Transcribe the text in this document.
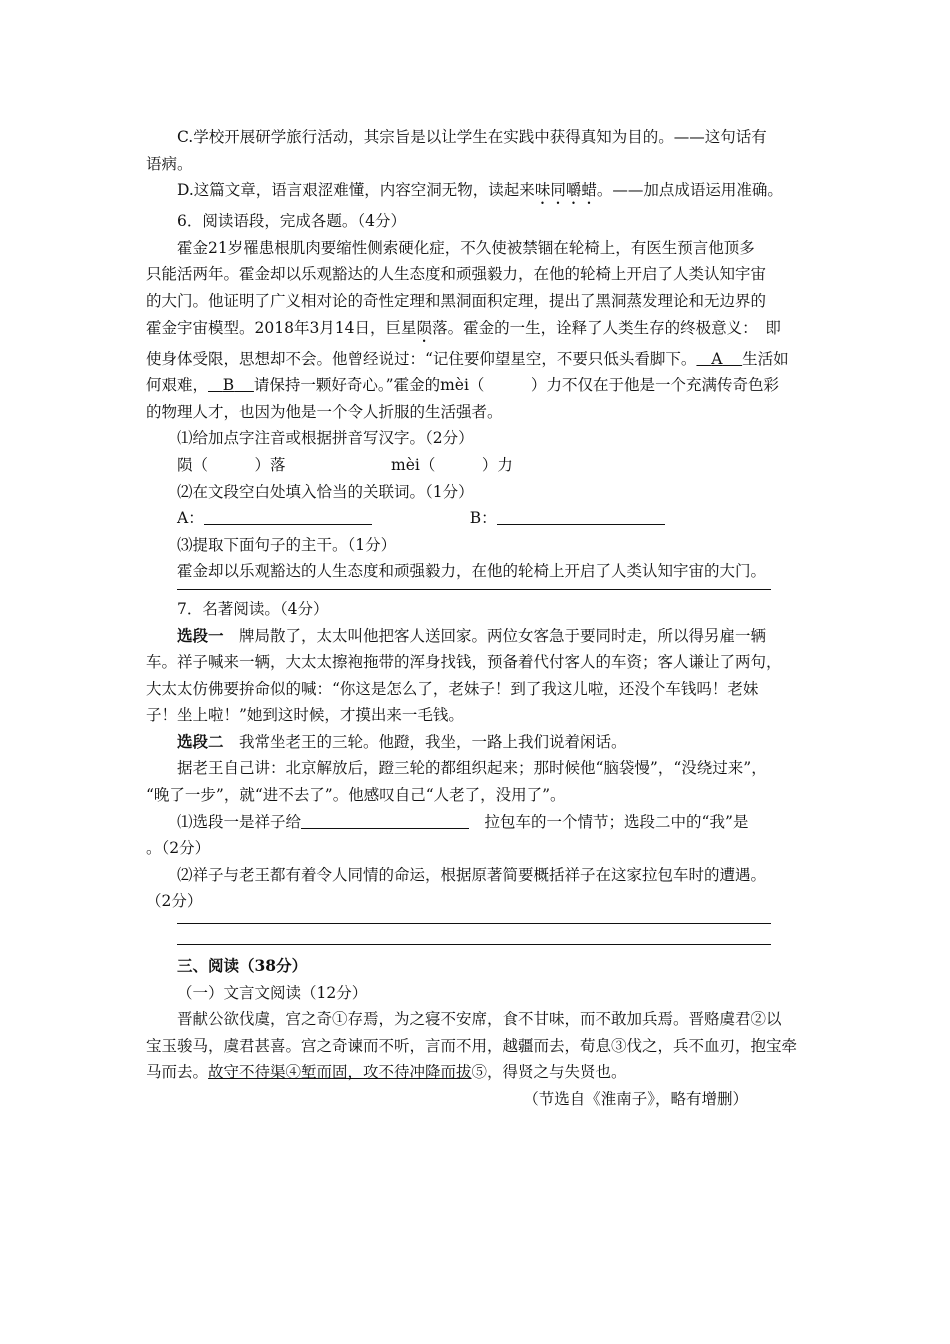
C.学校开展研学旅行活动，其宗旨是以让学生在实践中获得真知为目的。——这句话有
语病。
D.这篇文章，语言艰涩难懂，内容空洞无物，读起来味同嚼蜡。——加点成语运用准确。
6．阅读语段，完成各题。（4分）
霍金21岁罹患根肌肉要缩性侧索硬化症，不久使被禁锢在轮椅上，有医生预言他顶多
只能活两年。霍金却以乐观豁达的人生态度和顽强毅力，在他的轮椅上开启了人类认知宇宙
的大门。他证明了广义相对论的奇性定理和黑洞面积定理，提出了黑洞蒸发理论和无边界的
霍金宇宙模型。2018年3月14日，巨星陨落。霍金的一生，诠释了人类生存的终极意义：　即
使身体受限，思想却不会。他曾经说过：“记住要仰望星空，不要只低头看脚下。 A 生活如
何艰难， B 请保持一颗好奇心。”霍金的mèi（　　　）力不仅在于他是一个充满传奇色彩
的物理人才，也因为他是一个令人折服的生活强者。
⑴给加点字注音或根据拼音写汉字。（2分）
陨（　　　）落	mèi（　　　）力
⑵在文段空白处填入恰当的关联词。（1分）
A：	B：
⑶提取下面句子的主干。（1分）
霍金却以乐观豁达的人生态度和顽强毅力，在他的轮椅上开启了人类认知宇宙的大门。
7．名著阅读。（4分）
选段一　牌局散了，太太叫他把客人送回家。两位女客急于要同时走，所以得另雇一辆
车。祥子喊来一辆，大太太擦袍拖带的浑身找钱，预备着代付客人的车资；客人谦让了两句，
大太太仿佛要拚命似的喊：“你这是怎么了，老妹子！到了我这儿啦，还没个车钱吗！老妹
子！坐上啦！”她到这时候，才摸出来一毛钱。
选段二　我常坐老王的三轮。他蹬，我坐，一路上我们说着闲话。
据老王自己讲：北京解放后，蹬三轮的都组织起来；那时候他“脑袋慢”，“没绕过来”，
“晚了一步”，就“进不去了”。他感叹自己“人老了，没用了”。
⑴选段一是祥子给	　拉包车的一个情节；选段二中的“我”是
。（2分）
⑵祥子与老王都有着令人同情的命运，根据原著简要概括祥子在这家拉包车时的遭遇。
（2分）
三、阅读（38分）
（一）文言文阅读（12分）
晋献公欲伐虞，宫之奇①存焉，为之寝不安席，食不甘味，而不敢加兵焉。晋赂虞君②以
宝玉骏马，虞君甚喜。宫之奇谏而不听，言而不用，越疆而去，荀息③伐之，兵不血刃，抱宝牵
马而去。故守不待渠④堑而固，攻不待冲降而拔⑤，得贤之与失贤也。
（节选自《淮南子》，略有增删）
